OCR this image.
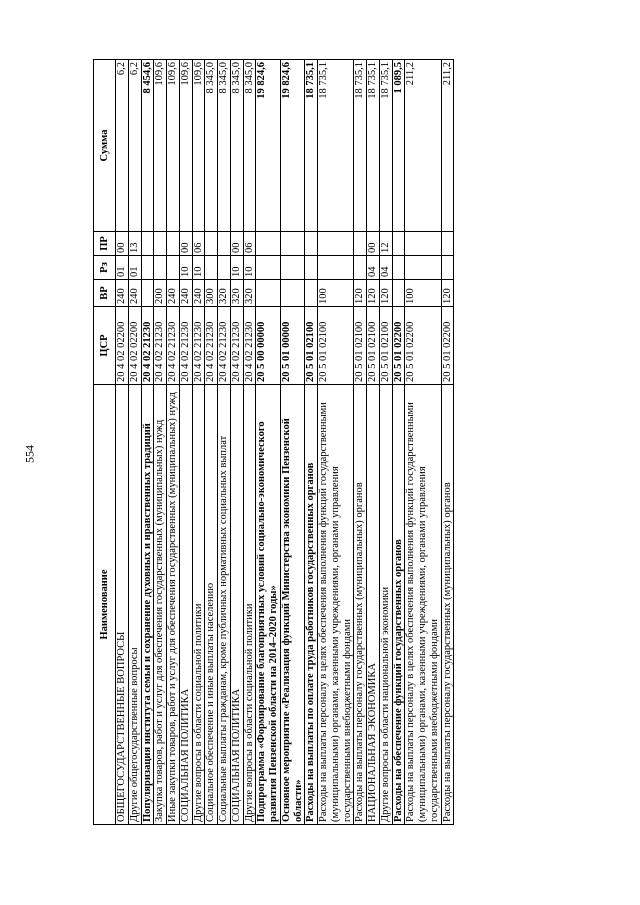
554
Наименование	ЦСР	ВР	Рз	ПР	Сумма
ОБЩЕГОСУДАРСТВЕННЫЕ ВОПРОСЫ	20 4 02 02200	240	01	00	6,2
Другие общегосударственные вопросы	20 4 02 02200	240	01	13	6,2
Популяризация института семьи и сохранение духовных и нравственных традиций	20 4 02 21230				8 454,6
Закупка товаров, работ и услуг для обеспечения государственных (муниципальных) нужд	20 4 02 21230	200			109,6
Иные закупки товаров, работ и услуг для обеспечения государственных (муниципальных) нужд	20 4 02 21230	240			109,6
СОЦИАЛЬНАЯ ПОЛИТИКА	20 4 02 21230	240	10	00	109,6
Другие вопросы в области социальной политики	20 4 02 21230	240	10	06	109,6
Социальное обеспечение и иные выплаты населению	20 4 02 21230	300			8 345,0
Социальные выплаты гражданам, кроме публичных нормативных социальных выплат	20 4 02 21230	320			8 345,0
СОЦИАЛЬНАЯ ПОЛИТИКА	20 4 02 21230	320	10	00	8 345,0
Другие вопросы в области социальной политики	20 4 02 21230	320	10	06	8 345,0
Подпрограмма «Формирование благоприятных условий социально-экономического развития Пензенской области на 2014–2020 годы»	20 5 00 00000				19 824,6
Основное мероприятие «Реализация функций Министерства экономики Пензенской области»	20 5 01 00000				19 824,6
Расходы на выплаты по оплате труда работников государственных органов	20 5 01 02100				18 735,1
Расходы на выплаты персоналу в целях обеспечения выполнения функций государственными (муниципальными) органами, казенными учреждениями, органами управления государственными внебюджетными фондами	20 5 01 02100	100			18 735,1
Расходы на выплаты персоналу государственных (муниципальных) органов	20 5 01 02100	120			18 735,1
НАЦИОНАЛЬНАЯ ЭКОНОМИКА	20 5 01 02100	120	04	00	18 735,1
Другие вопросы в области национальной экономики	20 5 01 02100	120	04	12	18 735,1
Расходы на обеспечение функций государственных органов	20 5 01 02200				1 089,5
Расходы на выплаты персоналу в целях обеспечения выполнения функций государственными (муниципальными) органами, казенными учреждениями, органами управления государственными внебюджетными фондами	20 5 01 02200	100			211,2
Расходы на выплаты персоналу государственных (муниципальных) органов	20 5 01 02200	120			211,2
